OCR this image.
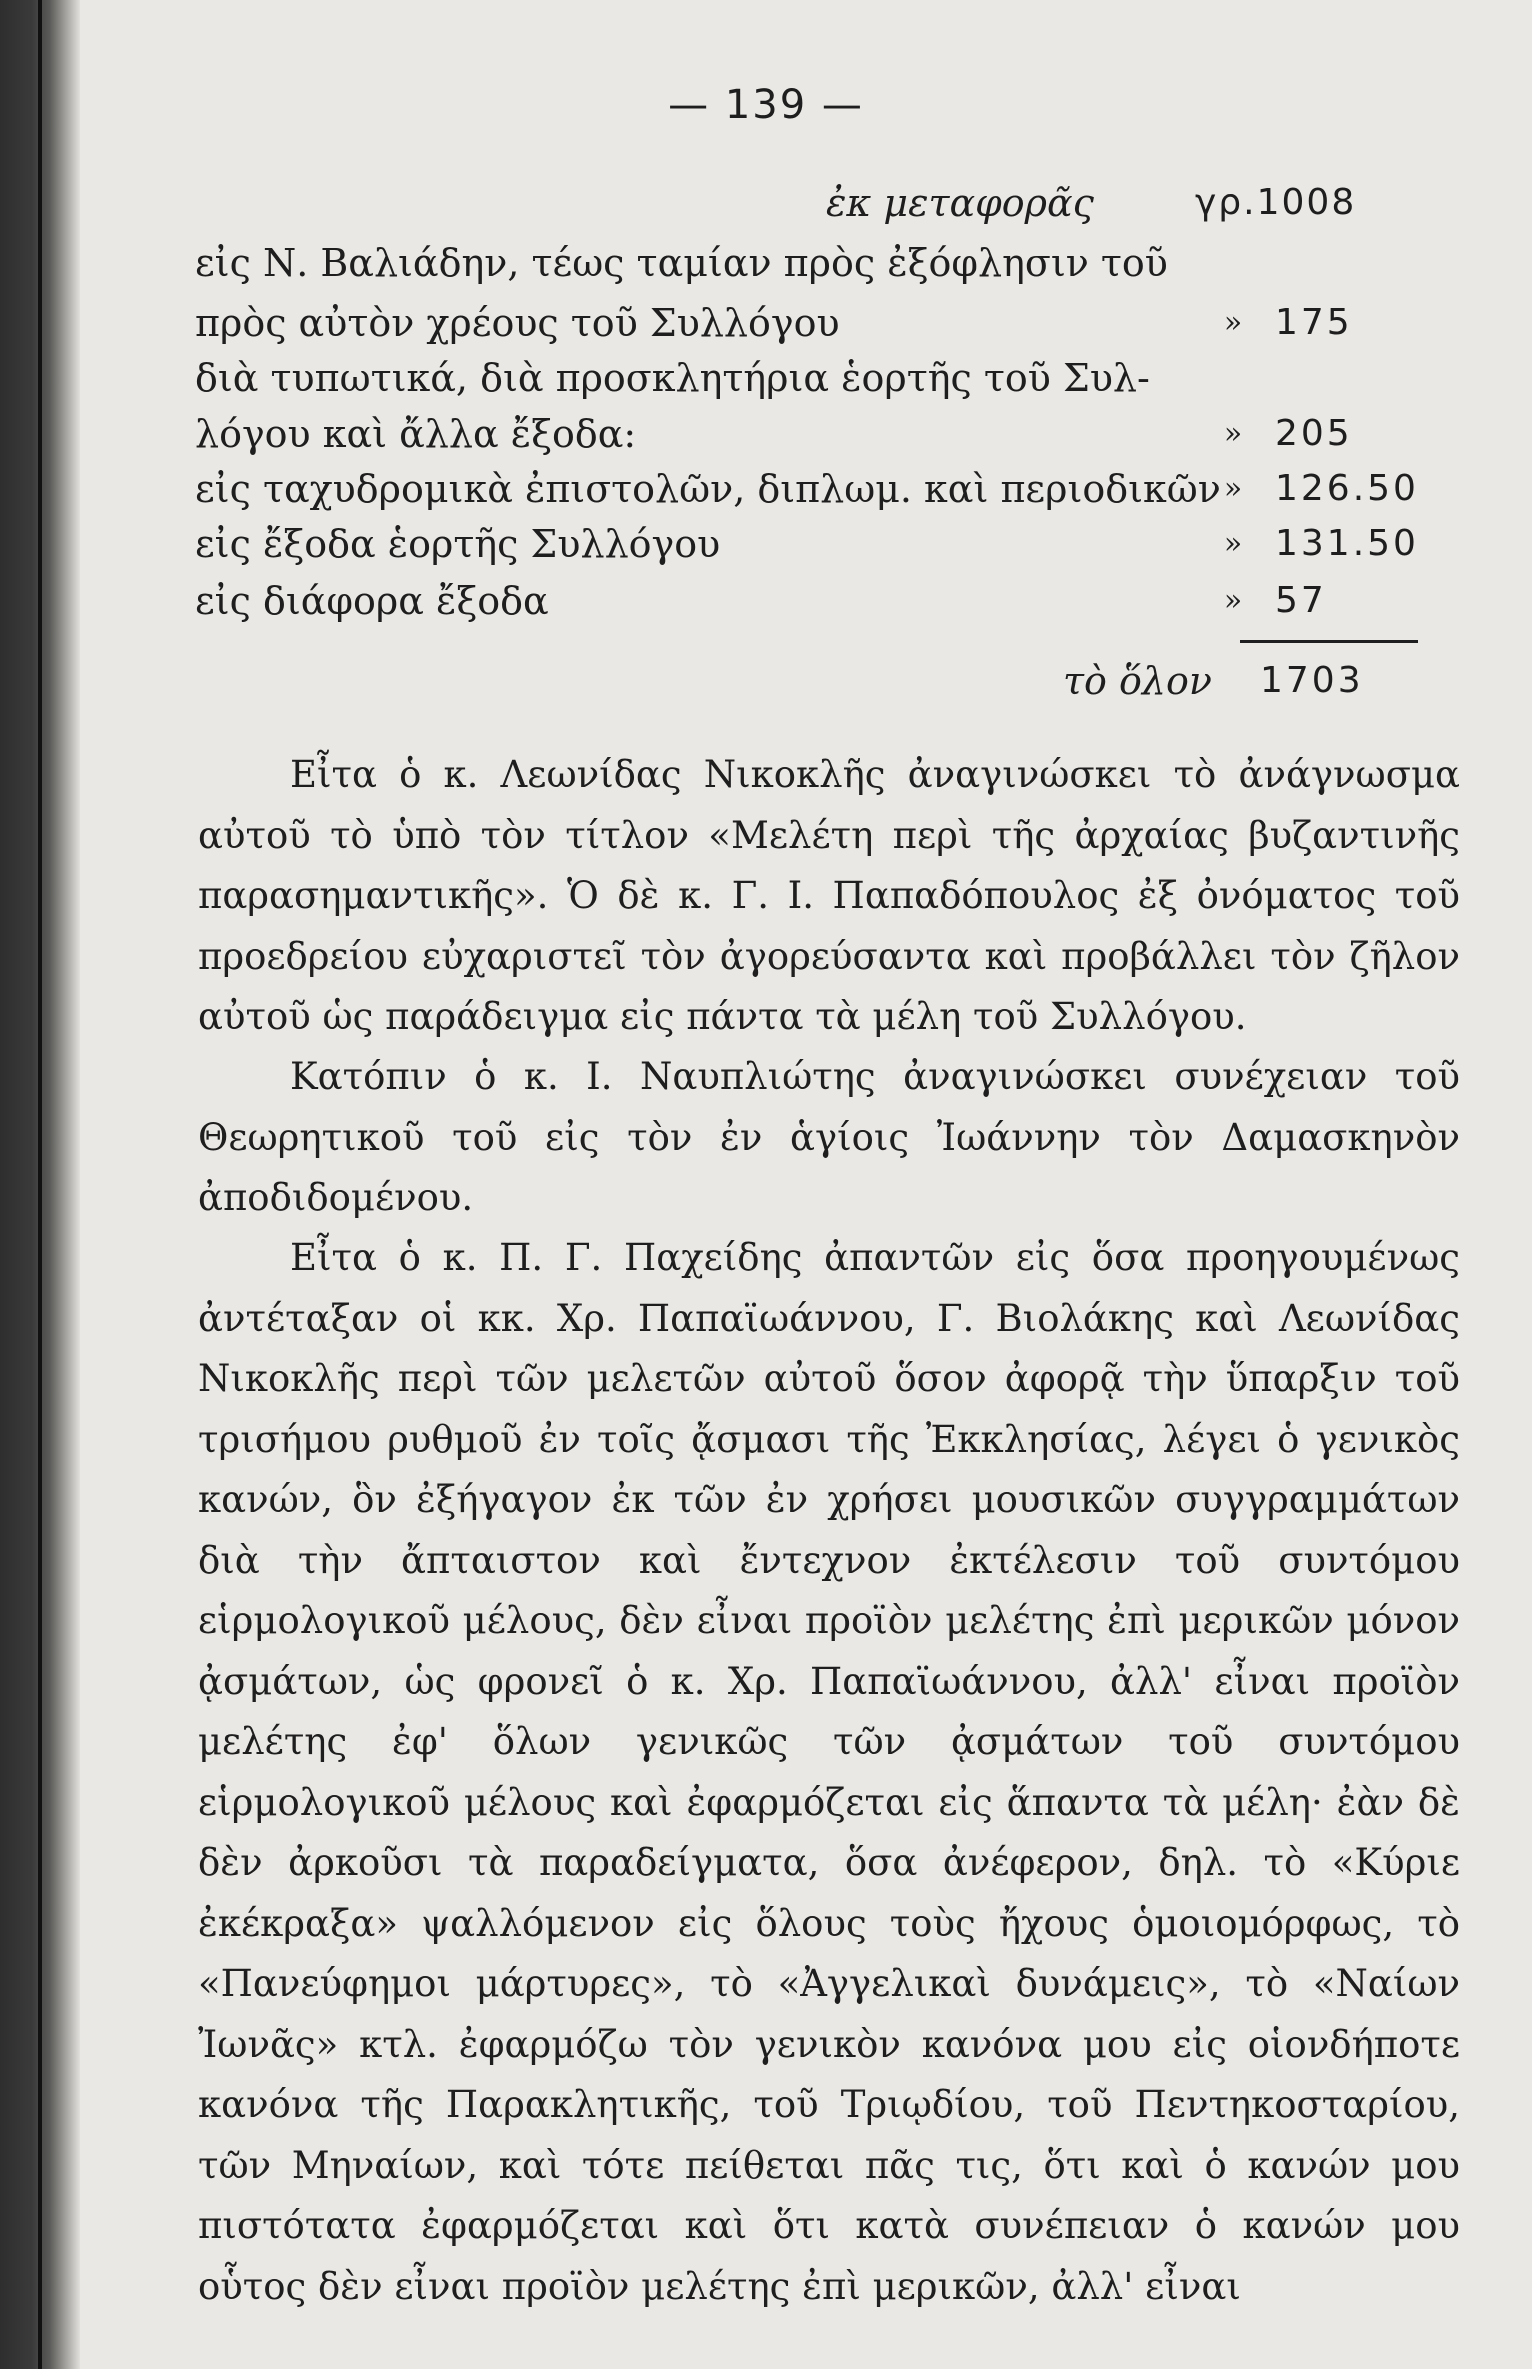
— 139 —
ἐκ μεταφορᾶς	γρ.1008
εἰς Ν. Βαλιάδην, τέως ταμίαν πρὸς ἐξόφλησιν τοῦ
πρὸς αὐτὸν χρέους τοῦ Συλλόγου	» 175
διὰ τυπωτικά, διὰ προσκλητήρια ἑορτῆς τοῦ Συλ-
λόγου καὶ ἄλλα ἔξοδα:	» 205
εἰς ταχυδρομικὰ ἐπιστολῶν, διπλωμ. καὶ περιοδικῶν » 126.50
εἰς ἔξοδα ἑορτῆς Συλλόγου	» 131.50
εἰς διάφορα ἔξοδα	» 57
τὸ ὅλον 1703

Εἶτα ὁ κ. Λεωνίδας Νικοκλῆς ἀναγινώσκει τὸ ἀνάγνωσμα αὐτοῦ τὸ ὑπὸ τὸν τίτλον «Μελέτη περὶ τῆς ἀρχαίας βυζαντινῆς παρασημαντικῆς». Ὁ δὲ κ. Γ. Ι. Παπαδόπουλος ἐξ ὀνόματος τοῦ προεδρείου εὐχαριστεῖ τὸν ἀγορεύσαντα καὶ προβάλλει τὸν ζῆλον αὐτοῦ ὡς παράδειγμα εἰς πάντα τὰ μέλη τοῦ Συλλόγου.

Κατόπιν ὁ κ. Ι. Ναυπλιώτης ἀναγινώσκει συνέχειαν τοῦ Θεωρητικοῦ τοῦ εἰς τὸν ἐν ἁγίοις Ἰωάννην τὸν Δαμασκηνὸν ἀποδιδομένου.

Εἶτα ὁ κ. Π. Γ. Παχείδης ἀπαντῶν εἰς ὅσα προηγουμένως ἀντέταξαν οἱ κκ. Χρ. Παπαϊωάννου, Γ. Βιολάκης καὶ Λεωνίδας Νικοκλῆς περὶ τῶν μελετῶν αὐτοῦ ὅσον ἀφορᾷ τὴν ὕπαρξιν τοῦ τρισήμου ρυθμοῦ ἐν τοῖς ᾄσμασι τῆς Ἐκκλησίας, λέγει ὁ γενικὸς κανών, ὃν ἐξήγαγον ἐκ τῶν ἐν χρήσει μουσικῶν συγγραμμάτων διὰ τὴν ἄπταιστον καὶ ἔντεχνον ἐκτέλεσιν τοῦ συντόμου εἱρμολογικοῦ μέλους, δὲν εἶναι προϊὸν μελέτης ἐπὶ μερικῶν μόνον ᾀσμάτων, ὡς φρονεῖ ὁ κ. Χρ. Παπαϊωάννου, ἀλλ' εἶναι προϊὸν μελέτης ἐφ' ὅλων γενικῶς τῶν ᾀσμάτων τοῦ συντόμου εἱρμολογικοῦ μέλους καὶ ἐφαρμόζεται εἰς ἅπαντα τὰ μέλη· ἐὰν δὲ δὲν ἀρκοῦσι τὰ παραδείγματα, ὅσα ἀνέφερον, δηλ. τὸ «Κύριε ἐκέκραξα» ψαλλόμενον εἰς ὅλους τοὺς ἤχους ὁμοιομόρφως, τὸ «Πανεύφημοι μάρτυρες», τὸ «Ἀγγελικαὶ δυνάμεις», τὸ «Ναίων Ἰωνᾶς» κτλ. ἐφαρμόζω τὸν γενικὸν κανόνα μου εἰς οἱονδήποτε κανόνα τῆς Παρακλητικῆς, τοῦ Τριῳδίου, τοῦ Πεντηκοσταρίου, τῶν Μηναίων, καὶ τότε πείθεται πᾶς τις, ὅτι καὶ ὁ κανών μου πιστότατα ἐφαρμόζεται καὶ ὅτι κατὰ συνέπειαν ὁ κανών μου οὗτος δὲν εἶναι προϊὸν μελέτης ἐπὶ μερικῶν, ἀλλ' εἶναι
